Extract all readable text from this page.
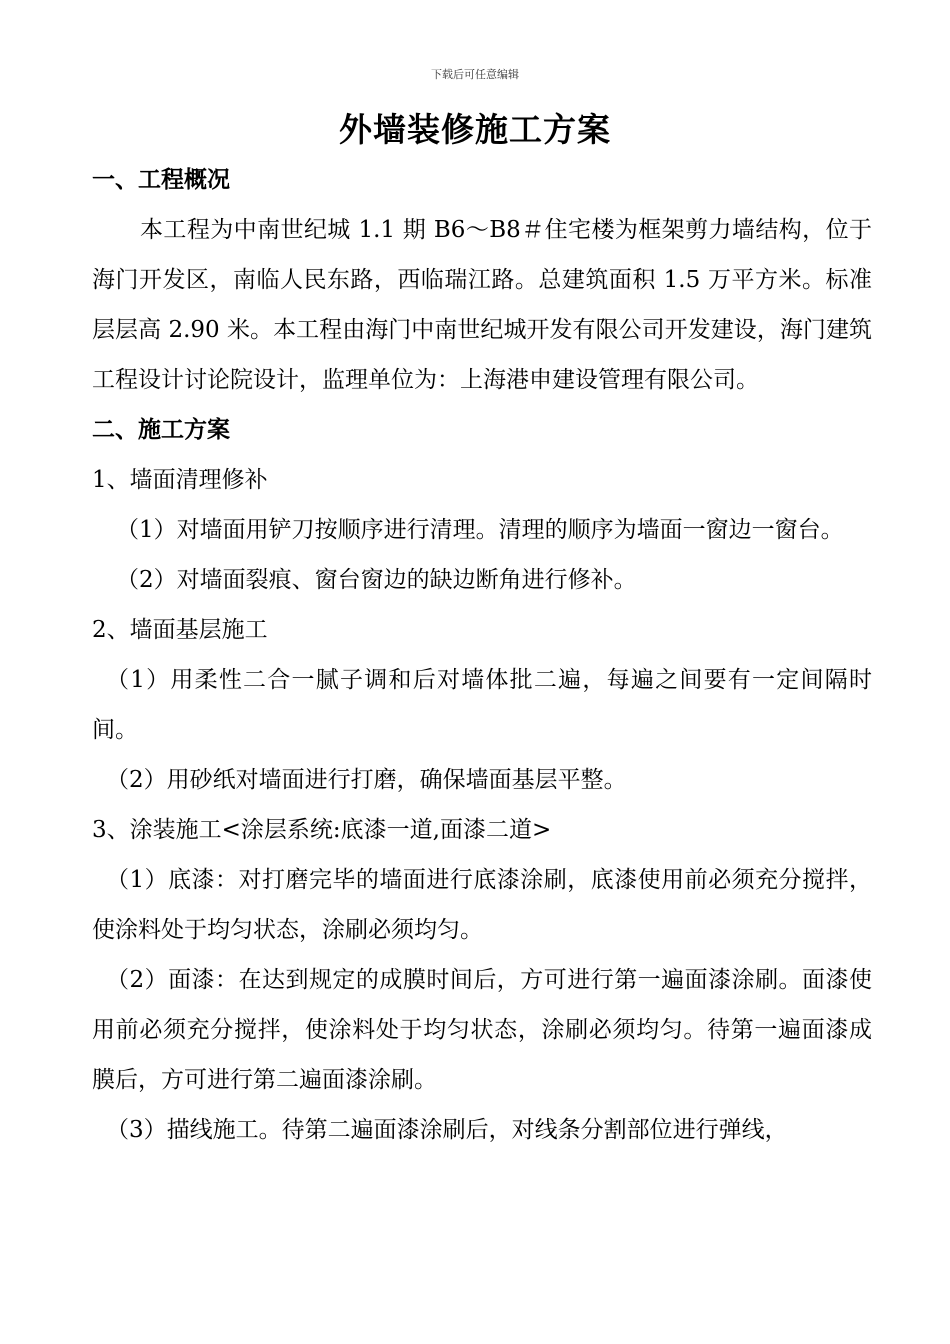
下载后可任意编辑
外墙装修施工方案

一、工程概况

本工程为中南世纪城 1.1 期 B6～B8＃住宅楼为框架剪力墙结构，位于海门开发区，南临人民东路，西临瑞江路。总建筑面积 1.5 万平方米。标准层层高 2.90 米。本工程由海门中南世纪城开发有限公司开发建设，海门建筑工程设计讨论院设计，监理单位为：上海港申建设管理有限公司。

二、施工方案

1、墙面清理修补

（1）对墙面用铲刀按顺序进行清理。清理的顺序为墙面一窗边一窗台。

（2）对墙面裂痕、窗台窗边的缺边断角进行修补。

2、墙面基层施工

（1）用柔性二合一腻子调和后对墙体批二遍，每遍之间要有一定间隔时间。

（2）用砂纸对墙面进行打磨，确保墙面基层平整。

3、涂装施工<涂层系统:底漆一道,面漆二道>

（1）底漆：对打磨完毕的墙面进行底漆涂刷，底漆使用前必须充分搅拌，使涂料处于均匀状态，涂刷必须均匀。

（2）面漆：在达到规定的成膜时间后，方可进行第一遍面漆涂刷。面漆使用前必须充分搅拌，使涂料处于均匀状态，涂刷必须均匀。待第一遍面漆成膜后，方可进行第二遍面漆涂刷。

（3）描线施工。待第二遍面漆涂刷后，对线条分割部位进行弹线，
